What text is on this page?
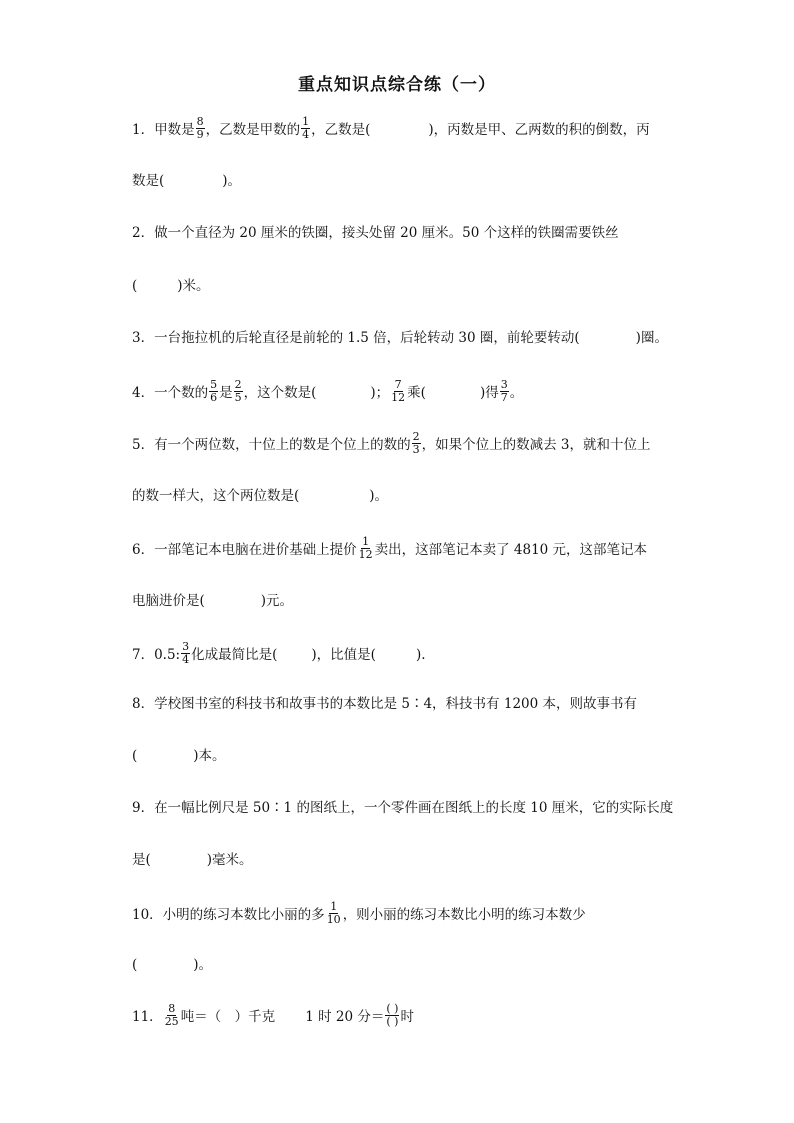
重点知识点综合练（一）
1．甲数是 $\frac{8}{9}$ ，乙数是甲数的 $\frac{1}{4}$ ，乙数是(	)，丙数是甲、乙两数的积的倒数，丙
数是(	)。
2．做一个直径为 20 厘米的铁圈，接头处留 20 厘米。50 个这样的铁圈需要铁丝
(	)米。
3．一台拖拉机的后轮直径是前轮的 1.5 倍，后轮转动 30 圈，前轮要转动(	)圈。
4．一个数的 $\frac{5}{6}$ 是 $\frac{2}{5}$ ，这个数是(	)； $\frac{7}{12}$ 乘(	)得 $\frac{3}{7}$ 。
5．有一个两位数，十位上的数是个位上的数的 $\frac{2}{3}$ ，如果个位上的数减去 3，就和十位上
的数一样大，这个两位数是(	)。
6．一部笔记本电脑在进价基础上提价 $\frac{1}{12}$ 卖出，这部笔记本卖了 4810 元，这部笔记本
电脑进价是(	)元。
7．0.5: $\frac{3}{4}$ 化成最简比是(	)，比值是(	).
8．学校图书室的科技书和故事书的本数比是 5∶4，科技书有 1200 本，则故事书有
(	)本。
9．在一幅比例尺是 50∶1 的图纸上，一个零件画在图纸上的长度 10 厘米，它的实际长度
是(	)毫米。
10．小明的练习本数比小丽的多 $\frac{1}{10}$ ，则小丽的练习本数比小明的练习本数少
(	)。
11． $\frac{8}{25}$ 吨＝（　）千克 1 时 20 分＝ $\frac{( )}{( )}$ 时
